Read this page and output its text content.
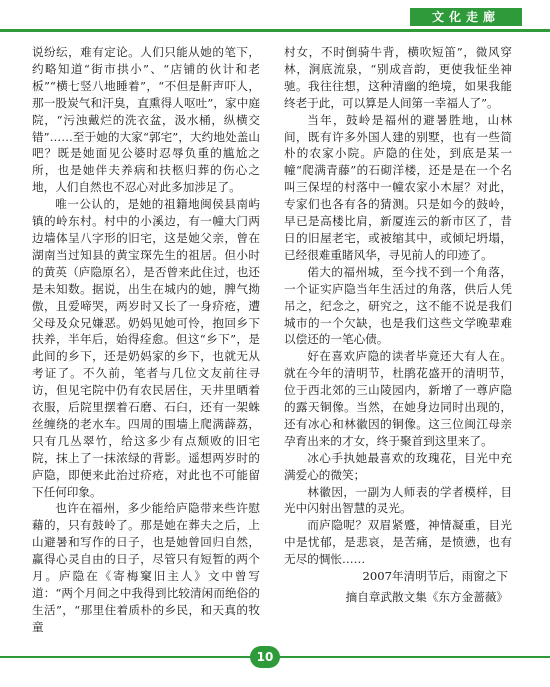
文化走廊

说纷纭，难有定论。人们只能从她的笔下，约略知道“街市拱小”、“店铺的伙计和老板”“横七竖八地睡着”，“不但是鼾声吓人，那一股炭气和汗臭，直熏得人呕吐”，家中庭院，“污浊戴烂的洗衣盆，汲水桶，纵横交错”……至于她的大家“郭宅”，大约地处盖山吧？既是她面见公婆时忍辱负重的尴尬之所，也是她伴夫养病和扶柩归葬的伤心之地，人们自然也不忍心对此多加涉足了。

唯一公认的，是她的祖籍地闽侯县南屿镇的岭东村。村中的小溪边，有一幢大门两边墙体呈八字形的旧宅，这是她父亲，曾在湖南当过知县的黄宝琛先生的祖居。但小时的黄英（庐隐原名），是否曾来此住过，也还是未知数。据说，出生在城内的她，脾气拗傲，且爱啼哭，两岁时又长了一身疥疮，遭父母及众兄嫌恶。奶妈见她可怜，抱回乡下扶养，半年后，始得痊愈。但这“乡下”，是此间的乡下，还是奶妈家的乡下，也就无从考证了。不久前，笔者与几位文友前往寻访，但见宅院中仍有农民居住，天井里晒着衣服，后院里摆着石磨、石臼，还有一架蛛丝缠绕的老水车。四周的围墙上爬满薜荔，只有几丛翠竹，给这多少有点颓败的旧宅院，抹上了一抹浓绿的背影。遥想两岁时的庐隐，即便来此治过疥疮，对此也不可能留下任何印象。

也许在福州，多少能给庐隐带来些许慰藉的，只有鼓岭了。那是她在葬夫之后，上山避暑和写作的日子，也是她曾回归自然，赢得心灵自由的日子，尽管只有短暂的两个月。庐隐在《寄梅窠旧主人》文中曾写道：“两个月间之中我得到比较清闲而绝俗的生活”，“那里住着质朴的乡民，和天真的牧童

村女，不时倒骑牛背，横吹短笛”，微风穿林，涧底流泉，“别成音韵，更使我怔坐神驰。我往往想，这种清幽的绝境，如果我能终老于此，可以算是人间第一幸福人了”。

当年，鼓岭是福州的避暑胜地，山林间，既有许多外国人建的别墅，也有一些简朴的农家小院。庐隐的住处，到底是某一幢“爬满青藤”的石砌洋楼，还是是在一个名叫三保埕的村落中一幢农家小木屋？对此，专家们也各有各的猜测。只是如今的鼓岭，早已是高楼比肩，新厦连云的新市区了，昔日的旧屋老宅，或被缩其中，或倾圮坍塌，已经很难重睹风华，寻见前人的印迹了。

偌大的福州城，至今找不到一个角落，一个证实庐隐当年生活过的角落，供后人凭吊之，纪念之，研究之，这不能不说是我们城市的一个欠缺，也是我们这些文学晚辈难以偿还的一笔心债。

好在喜欢庐隐的读者毕竟还大有人在。就在今年的清明节，杜鹃花盛开的清明节，位于西北郊的三山陵园内，新增了一尊庐隐的露天铜像。当然，在她身边同时出现的，还有冰心和林徽因的铜像。这三位闽江母亲孕育出来的才女，终于聚首到这里来了。

冰心手执她最喜欢的玫瑰花，目光中充满爱心的微笑；

林徽因，一副为人师表的学者模样，目光中闪射出智慧的灵光。

而庐隐呢？双眉紧蹙，神情凝重，目光中是忧郁，是悲哀，是苦痛，是愤懑，也有无尽的惆怅……

2007年清明节后，雨窗之下

摘自章武散文集《东方金蔷薇》

10
